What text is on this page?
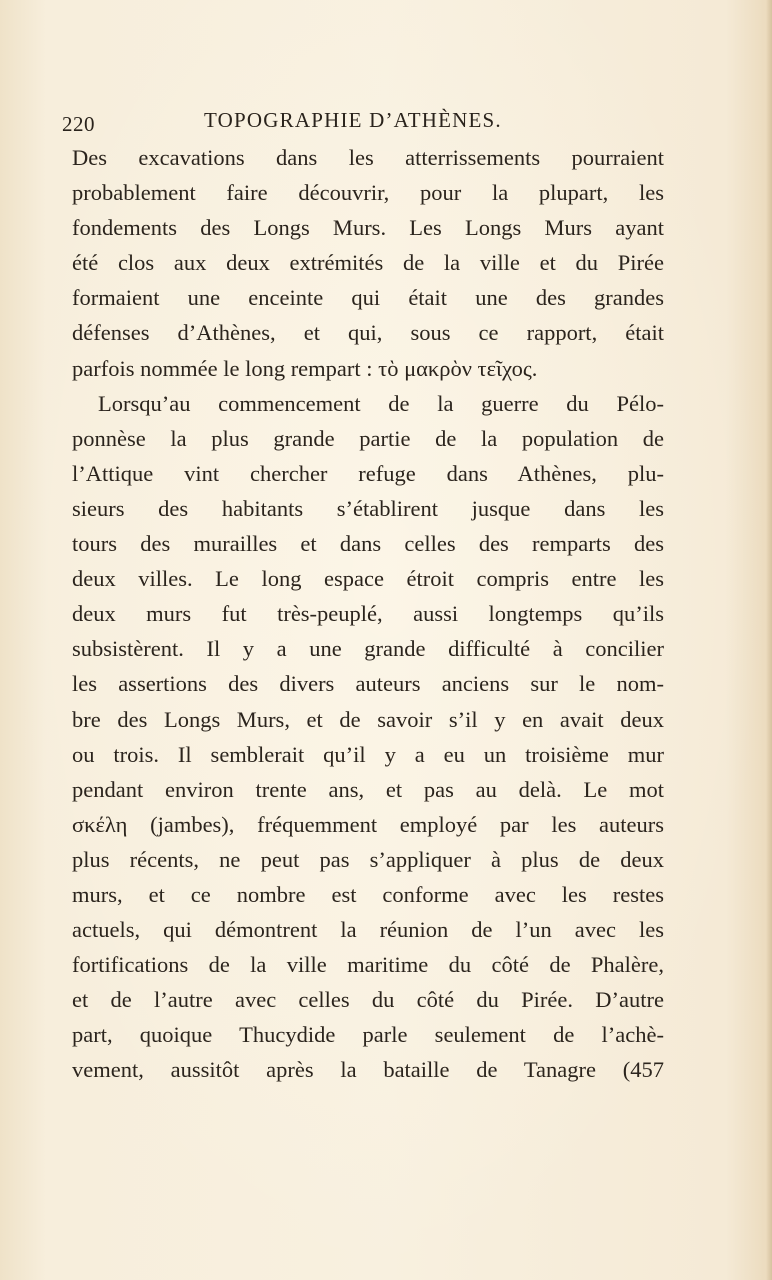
220	TOPOGRAPHIE D’ATHÈNES.
Des excavations dans les atterrissements pourraient
probablement faire découvrir, pour la plupart, les
fondements des Longs Murs. Les Longs Murs ayant
été clos aux deux extrémités de la ville et du Pirée
formaient une enceinte qui était une des grandes
défenses d’Athènes, et qui, sous ce rapport, était
parfois nommée le long rempart : τὸ μακρὸν τεῖχος.
Lorsqu’au commencement de la guerre du Pélo-
ponnèse la plus grande partie de la population de
l’Attique vint chercher refuge dans Athènes, plu-
sieurs des habitants s’établirent jusque dans les
tours des murailles et dans celles des remparts des
deux villes. Le long espace étroit compris entre les
deux murs fut très-peuplé, aussi longtemps qu’ils
subsistèrent. Il y a une grande difficulté à concilier
les assertions des divers auteurs anciens sur le nom-
bre des Longs Murs, et de savoir s’il y en avait deux
ou trois. Il semblerait qu’il y a eu un troisième mur
pendant environ trente ans, et pas au delà. Le mot
σκέλη (jambes), fréquemment employé par les auteurs
plus récents, ne peut pas s’appliquer à plus de deux
murs, et ce nombre est conforme avec les restes
actuels, qui démontrent la réunion de l’un avec les
fortifications de la ville maritime du côté de Phalère,
et de l’autre avec celles du côté du Pirée. D’autre
part, quoique Thucydide parle seulement de l’achè-
vement, aussitôt après la bataille de Tanagre (457
